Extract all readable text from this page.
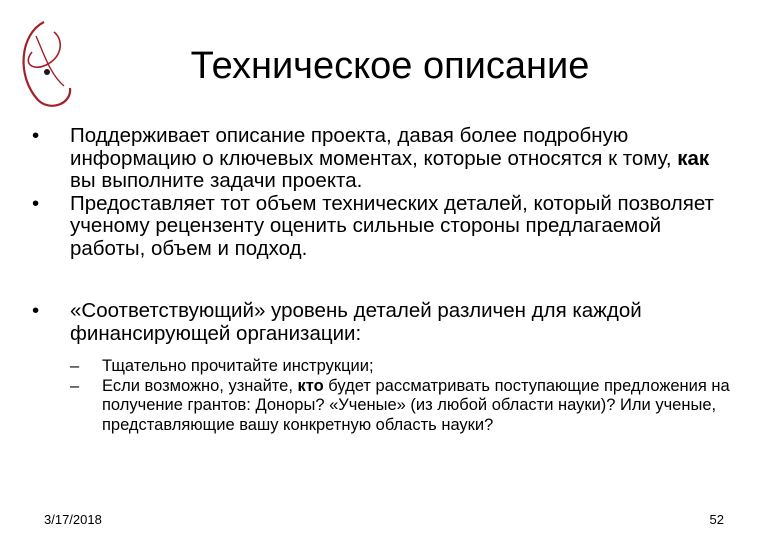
Техническое описание
•	Поддерживает описание проекта, давая более подробную информацию о ключевых моментах, которые относятся к тому, как вы выполните задачи проекта.
•	Предоставляет тот объем технических деталей, который позволяет ученому рецензенту оценить сильные стороны предлагаемой работы, объем и подход.
•	«Соответствующий» уровень деталей различен для каждой финансирующей организации:
– Тщательно прочитайте инструкции;
– Если возможно, узнайте, кто будет рассматривать поступающие предложения на получение грантов: Доноры? «Ученые» (из любой области науки)? Или ученые, представляющие вашу конкретную область науки?
3/17/2018	52
